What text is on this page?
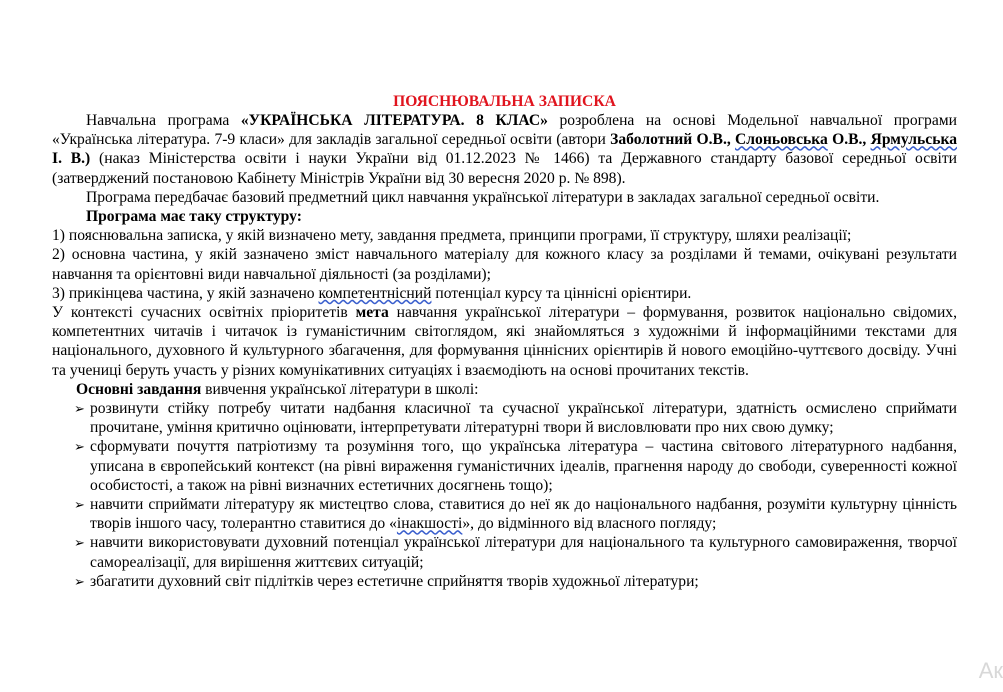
ПОЯСНЮВАЛЬНА ЗАПИСКА

Навчальна програма «УКРАЇНСЬКА ЛІТЕРАТУРА. 8 КЛАС» розроблена на основі Модельної навчальної програми «Українська література. 7-9 класи» для закладів загальної середньої освіти (автори Заболотний О.В., Слоньовська О.В., Ярмульська І. В.) (наказ Міністерства освіти і науки України від 01.12.2023 № 1466) та Державного стандарту базової середньої освіти (затверджений постановою Кабінету Міністрів України від 30 вересня 2020 р. № 898).

Програма передбачає базовий предметний цикл навчання української літератури в закладах загальної середньої освіти.

Програма має таку структуру:

1) пояснювальна записка, у якій визначено мету, завдання предмета, принципи програми, її структуру, шляхи реалізації;

2) основна частина, у якій зазначено зміст навчального матеріалу для кожного класу за розділами й темами, очікувані результати навчання та орієнтовні види навчальної діяльності (за розділами);

3) прикінцева частина, у якій зазначено компетентнісний потенціал курсу та ціннісні орієнтири.

У контексті сучасних освітніх пріоритетів мета навчання української літератури – формування, розвиток національно свідомих, компетентних читачів і читачок із гуманістичним світоглядом, які знайомляться з художніми й інформаційними текстами для національного, духовного й культурного збагачення, для формування ціннісних орієнтирів й нового емоційно-чуттєвого досвіду. Учні та учениці беруть участь у різних комунікативних ситуаціях і взаємодіють на основі прочитаних текстів.

Основні завдання вивчення української літератури в школі:

➢ розвинути стійку потребу читати надбання класичної та сучасної української літератури, здатність осмислено сприймати прочитане, уміння критично оцінювати, інтерпретувати літературні твори й висловлювати про них свою думку;
➢ сформувати почуття патріотизму та розуміння того, що українська література – частина світового літературного надбання, уписана в європейський контекст (на рівні вираження гуманістичних ідеалів, прагнення народу до свободи, суверенності кожної особистості, а також на рівні визначних естетичних досягнень тощо);
➢ навчити сприймати літературу як мистецтво слова, ставитися до неї як до національного надбання, розуміти культурну цінність творів іншого часу, толерантно ставитися до «інакшості», до відмінного від власного погляду;
➢ навчити використовувати духовний потенціал української літератури для національного та культурного самовираження, творчої самореалізації, для вирішення життєвих ситуацій;
➢ збагатити духовний світ підлітків через естетичне сприйняття творів художньої літератури;
Ак
